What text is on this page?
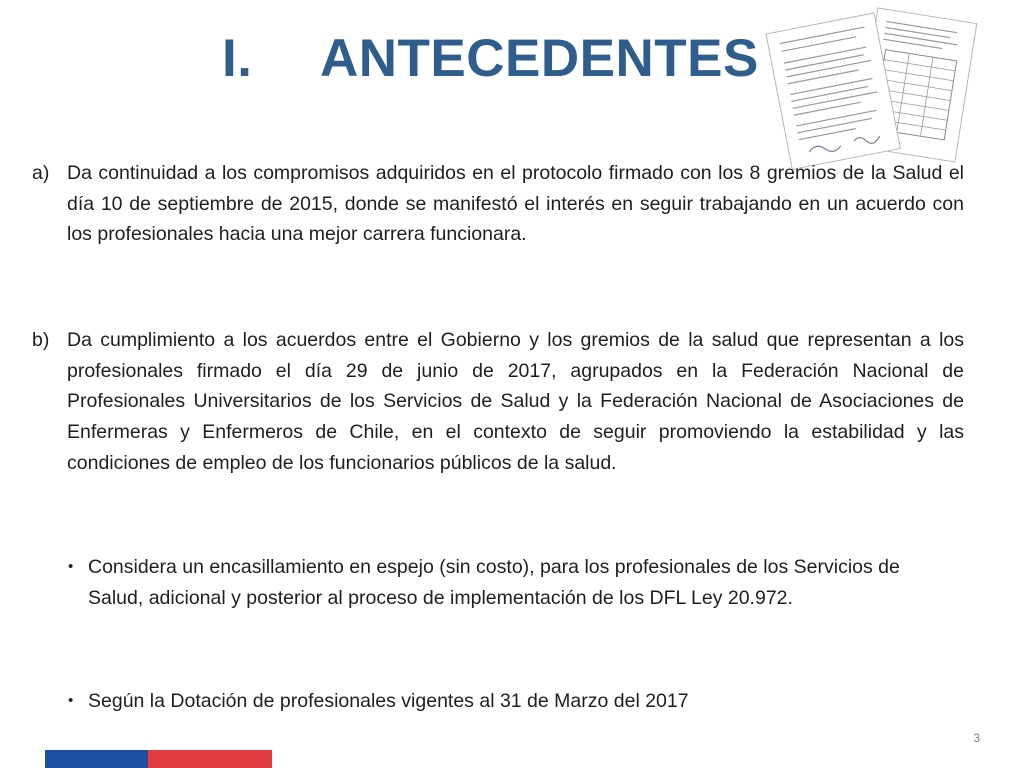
I. ANTECEDENTES
a) Da continuidad a los compromisos adquiridos en el protocolo firmado con los 8 gremios de la Salud el día 10 de septiembre de 2015, donde se manifestó el interés en seguir trabajando en un acuerdo con los profesionales hacia una mejor carrera funcionara.
b) Da cumplimiento a los acuerdos entre el Gobierno y los gremios de la salud que representan a los profesionales firmado el día 29 de junio de 2017, agrupados en la Federación Nacional de Profesionales Universitarios de los Servicios de Salud y la Federación Nacional de Asociaciones de Enfermeras y Enfermeros de Chile, en el contexto de seguir promoviendo la estabilidad y las condiciones de empleo de los funcionarios públicos de la salud.
• Considera un encasillamiento en espejo (sin costo), para los profesionales de los Servicios de Salud, adicional y posterior al proceso de implementación de los DFL Ley 20.972.
• Según la Dotación de profesionales vigentes al 31 de Marzo del 2017
3
